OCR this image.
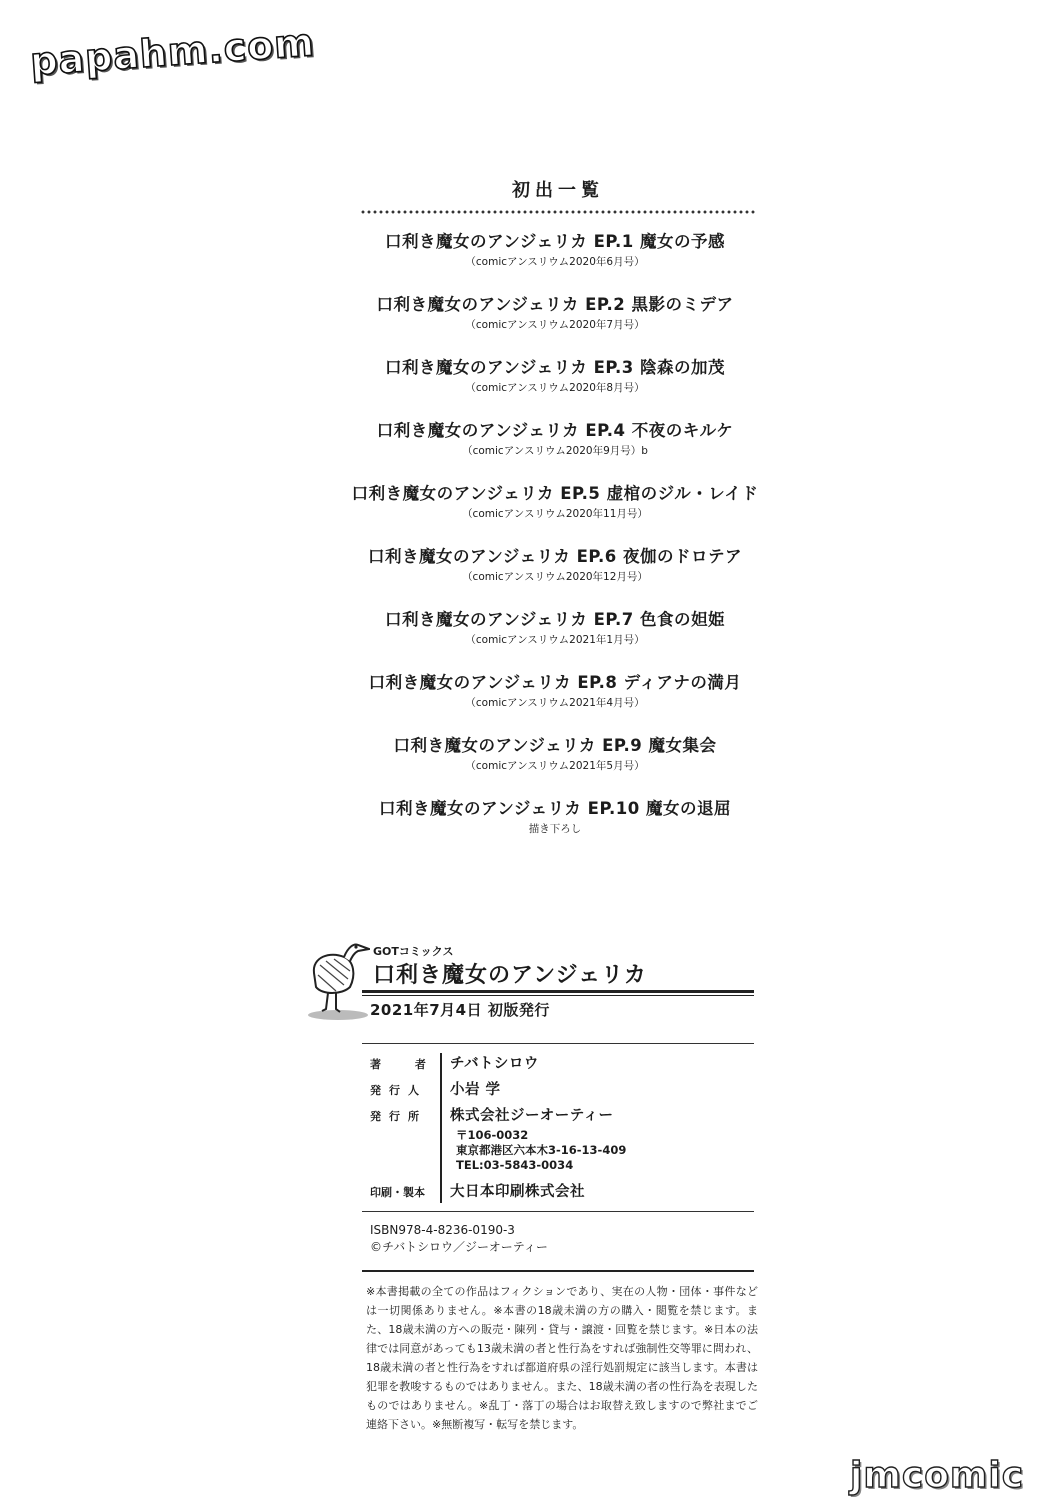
papahm.com
初出一覧
口利き魔女のアンジェリカ EP.1 魔女の予感
（comicアンスリウム2020年6月号）
口利き魔女のアンジェリカ EP.2 黒影のミデア
（comicアンスリウム2020年7月号）
口利き魔女のアンジェリカ EP.3 陰森の加茂
（comicアンスリウム2020年8月号）
口利き魔女のアンジェリカ EP.4 不夜のキルケ
（comicアンスリウム2020年9月号）b
口利き魔女のアンジェリカ EP.5 虚棺のジル・レイド
（comicアンスリウム2020年11月号）
口利き魔女のアンジェリカ EP.6 夜伽のドロテア
（comicアンスリウム2020年12月号）
口利き魔女のアンジェリカ EP.7 色食の妲姫
（comicアンスリウム2021年1月号）
口利き魔女のアンジェリカ EP.8 ディアナの満月
（comicアンスリウム2021年4月号）
口利き魔女のアンジェリカ EP.9 魔女集会
（comicアンスリウム2021年5月号）
口利き魔女のアンジェリカ EP.10 魔女の退屈
描き下ろし
GOTコミックス
口利き魔女のアンジェリカ
2021年7月4日 初版発行
著 者 チバトシロウ
発行人	小岩 学
発行所	株式会社ジーオーティー
〒106-0032
東京都港区六本木3-16-13-409
TEL:03-5843-0034
印刷・製本	大日本印刷株式会社
ISBN978-4-8236-0190-3
©チバトシロウ／ジーオーティー
※本書掲載の全ての作品はフィクションであり、実在の人物・団体・事件などは一切関係ありません。※本書の18歳未満の方の購入・閲覧を禁じます。また、18歳未満の方への販売・陳列・貸与・譲渡・回覧を禁じます。※日本の法律では同意があっても13歳未満の者と性行為をすれば強制性交等罪に問われ、18歳未満の者と性行為をすれば都道府県の淫行処罰規定に該当します。本書は犯罪を教唆するものではありません。また、18歳未満の者の性行為を表現したものではありません。※乱丁・落丁の場合はお取替え致しますので弊社までご連絡下さい。※無断複写・転写を禁じます。
jmcomic
